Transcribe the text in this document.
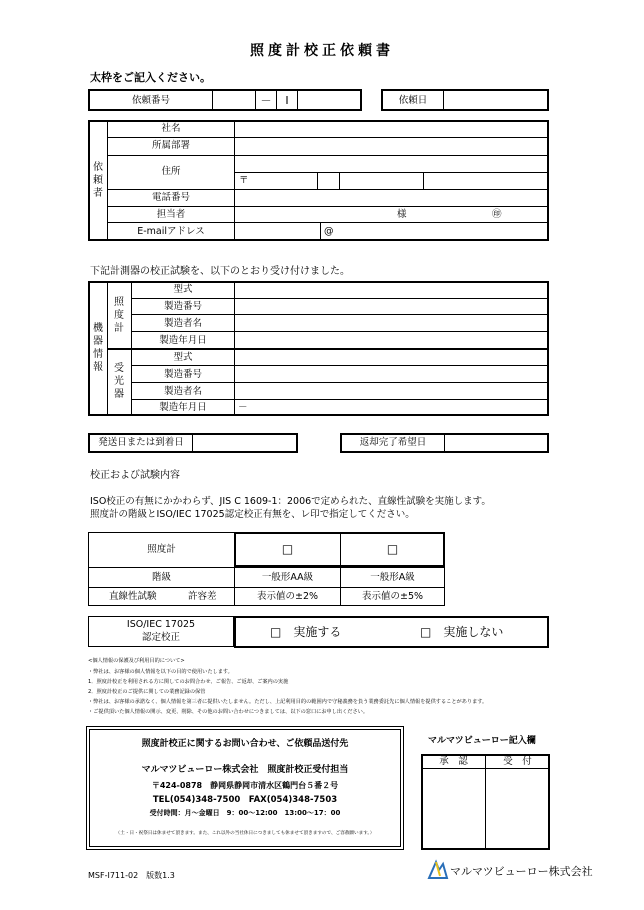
照度計校正依頼書
太枠をご記入ください。
依頼番号	－	I	依頼日
依頼者
社名
所属部署
住所
〒
電話番号
担当者	様	㊞
E-mailアドレス	@
下記計測器の校正試験を、以下のとおり受け付けました。
機器情報
照度計
受光器
型式
製造番号
製造者名
製造年月日
型式
製造番号
製造者名
製造年月日	－
発送日または到着日	返却完了希望日
校正および試験内容
ISO校正の有無にかかわらず、JIS C 1609-1：2006で定められた、直線性試験を実施します。
照度計の階級とISO/IEC 17025認定校正有無を、レ印で指定してください。
照度計	□	□
階級	一般形AA級	一般形A級
直線性試験	許容差	表示値の±2%	表示値の±5%
ISO/IEC 17025
認定校正	□　実施する	□　実施しない
<個人情報の保護及び利用目的について>
・弊社は、お客様の個人情報を以下の目的で使用いたします。
1．照度計校正を利用される方に関してのお問合わせ、ご報告、ご返却、ご案内の実施
2．照度計校正のご提供に関しての業務記録の保管
・弊社は、お客様の承諾なく、個人情報を第三者に提供いたしません。ただし、上記利用目的の範囲内で守秘義務を負う業務委託先に個人情報を提供することがあります。
・ご提供頂いた個人情報の開示、変更、削除、その他のお問い合わせにつきましては、以下の窓口にお申し出ください。
照度計校正に関するお問い合わせ、ご依頼品送付先
マルマツビューロー株式会社　照度計校正受付担当
〒424-0878　静岡県静岡市清水区鶴門台５番２号
TEL(054)348-7500　FAX(054)348-7503
受付時間：月～金曜日　9：00～12:00　13:00～17：00
（土・日・祝祭日は休ませて頂きます。また、これ以外の当社休日につきましても休ませて頂きますので、ご容赦願います。）
マルマツビューロー記入欄
承　認	受　付
MSF-I711-02　版数1.3	マルマツビューロー株式会社
